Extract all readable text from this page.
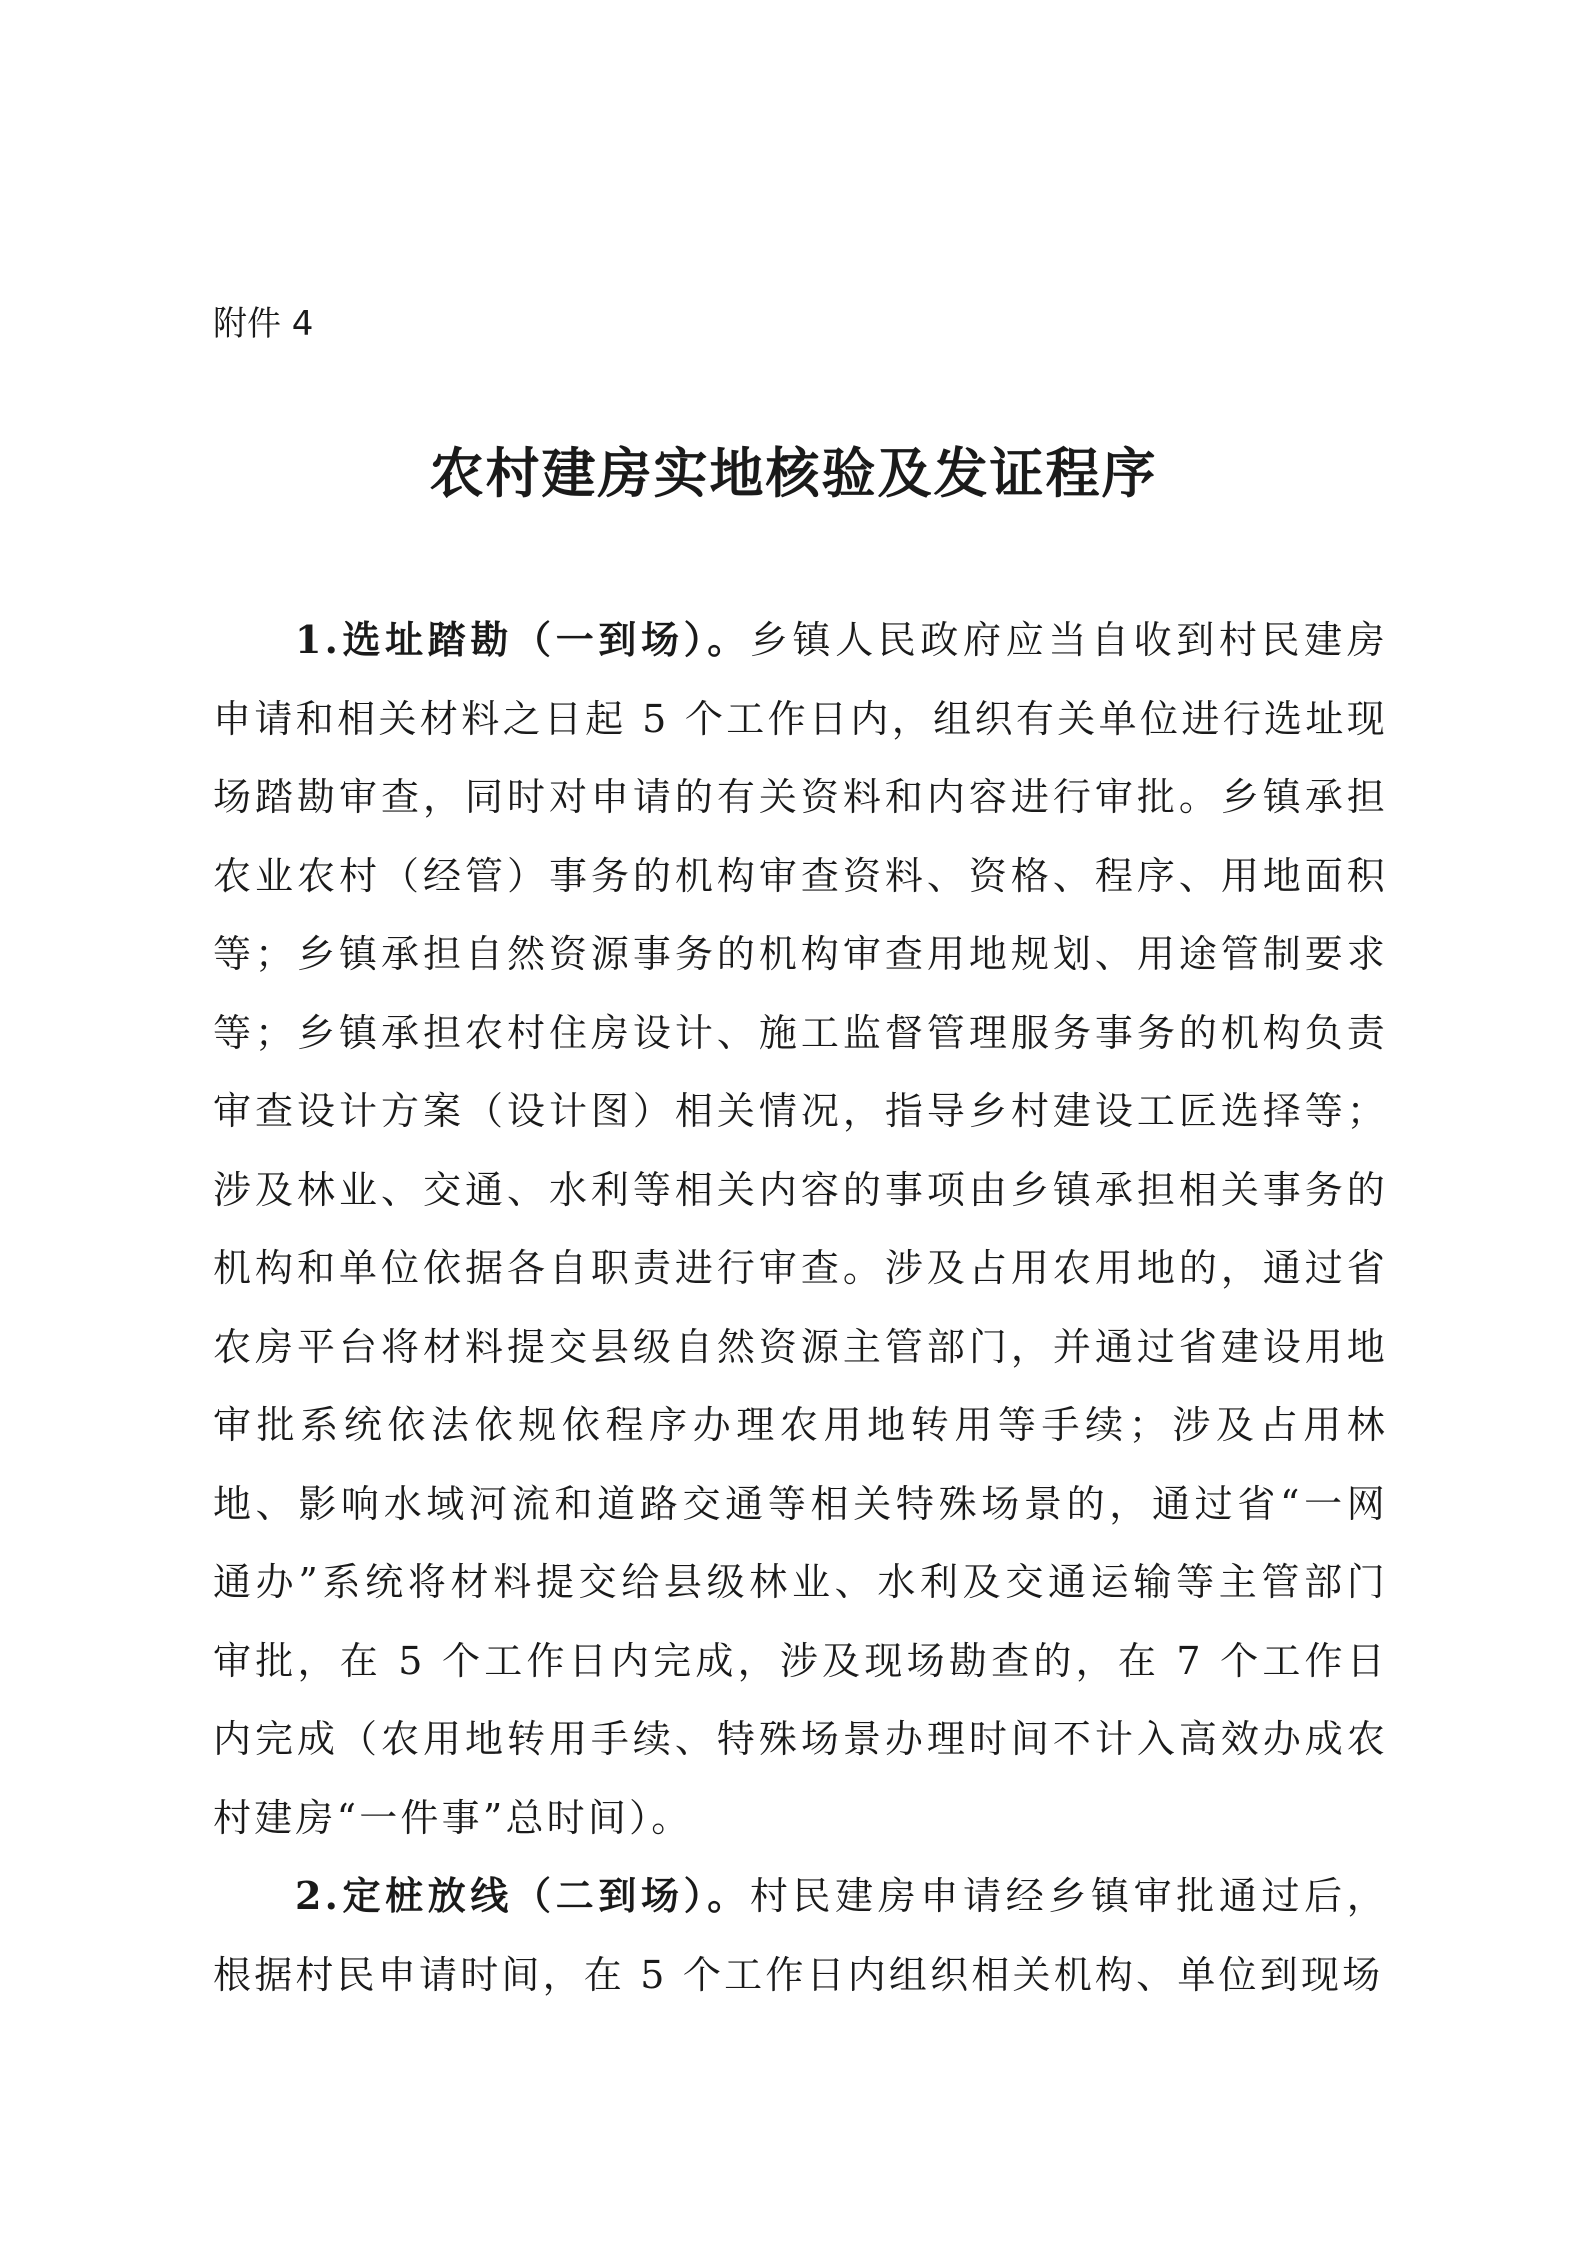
附件 4

农村建房实地核验及发证程序

1.选址踏勘（一到场）。乡镇人民政府应当自收到村民建房申请和相关材料之日起 5 个工作日内，组织有关单位进行选址现场踏勘审查，同时对申请的有关资料和内容进行审批。乡镇承担农业农村（经管）事务的机构审查资料、资格、程序、用地面积等；乡镇承担自然资源事务的机构审查用地规划、用途管制要求等；乡镇承担农村住房设计、施工监督管理服务事务的机构负责审查设计方案（设计图）相关情况，指导乡村建设工匠选择等；涉及林业、交通、水利等相关内容的事项由乡镇承担相关事务的机构和单位依据各自职责进行审查。涉及占用农用地的，通过省农房平台将材料提交县级自然资源主管部门，并通过省建设用地审批系统依法依规依程序办理农用地转用等手续；涉及占用林地、影响水域河流和道路交通等相关特殊场景的，通过省“一网通办”系统将材料提交给县级林业、水利及交通运输等主管部门审批，在 5 个工作日内完成，涉及现场勘查的，在 7 个工作日内完成（农用地转用手续、特殊场景办理时间不计入高效办成农村建房“一件事”总时间）。

2.定桩放线（二到场）。村民建房申请经乡镇审批通过后，根据村民申请时间，在 5 个工作日内组织相关机构、单位到现场
